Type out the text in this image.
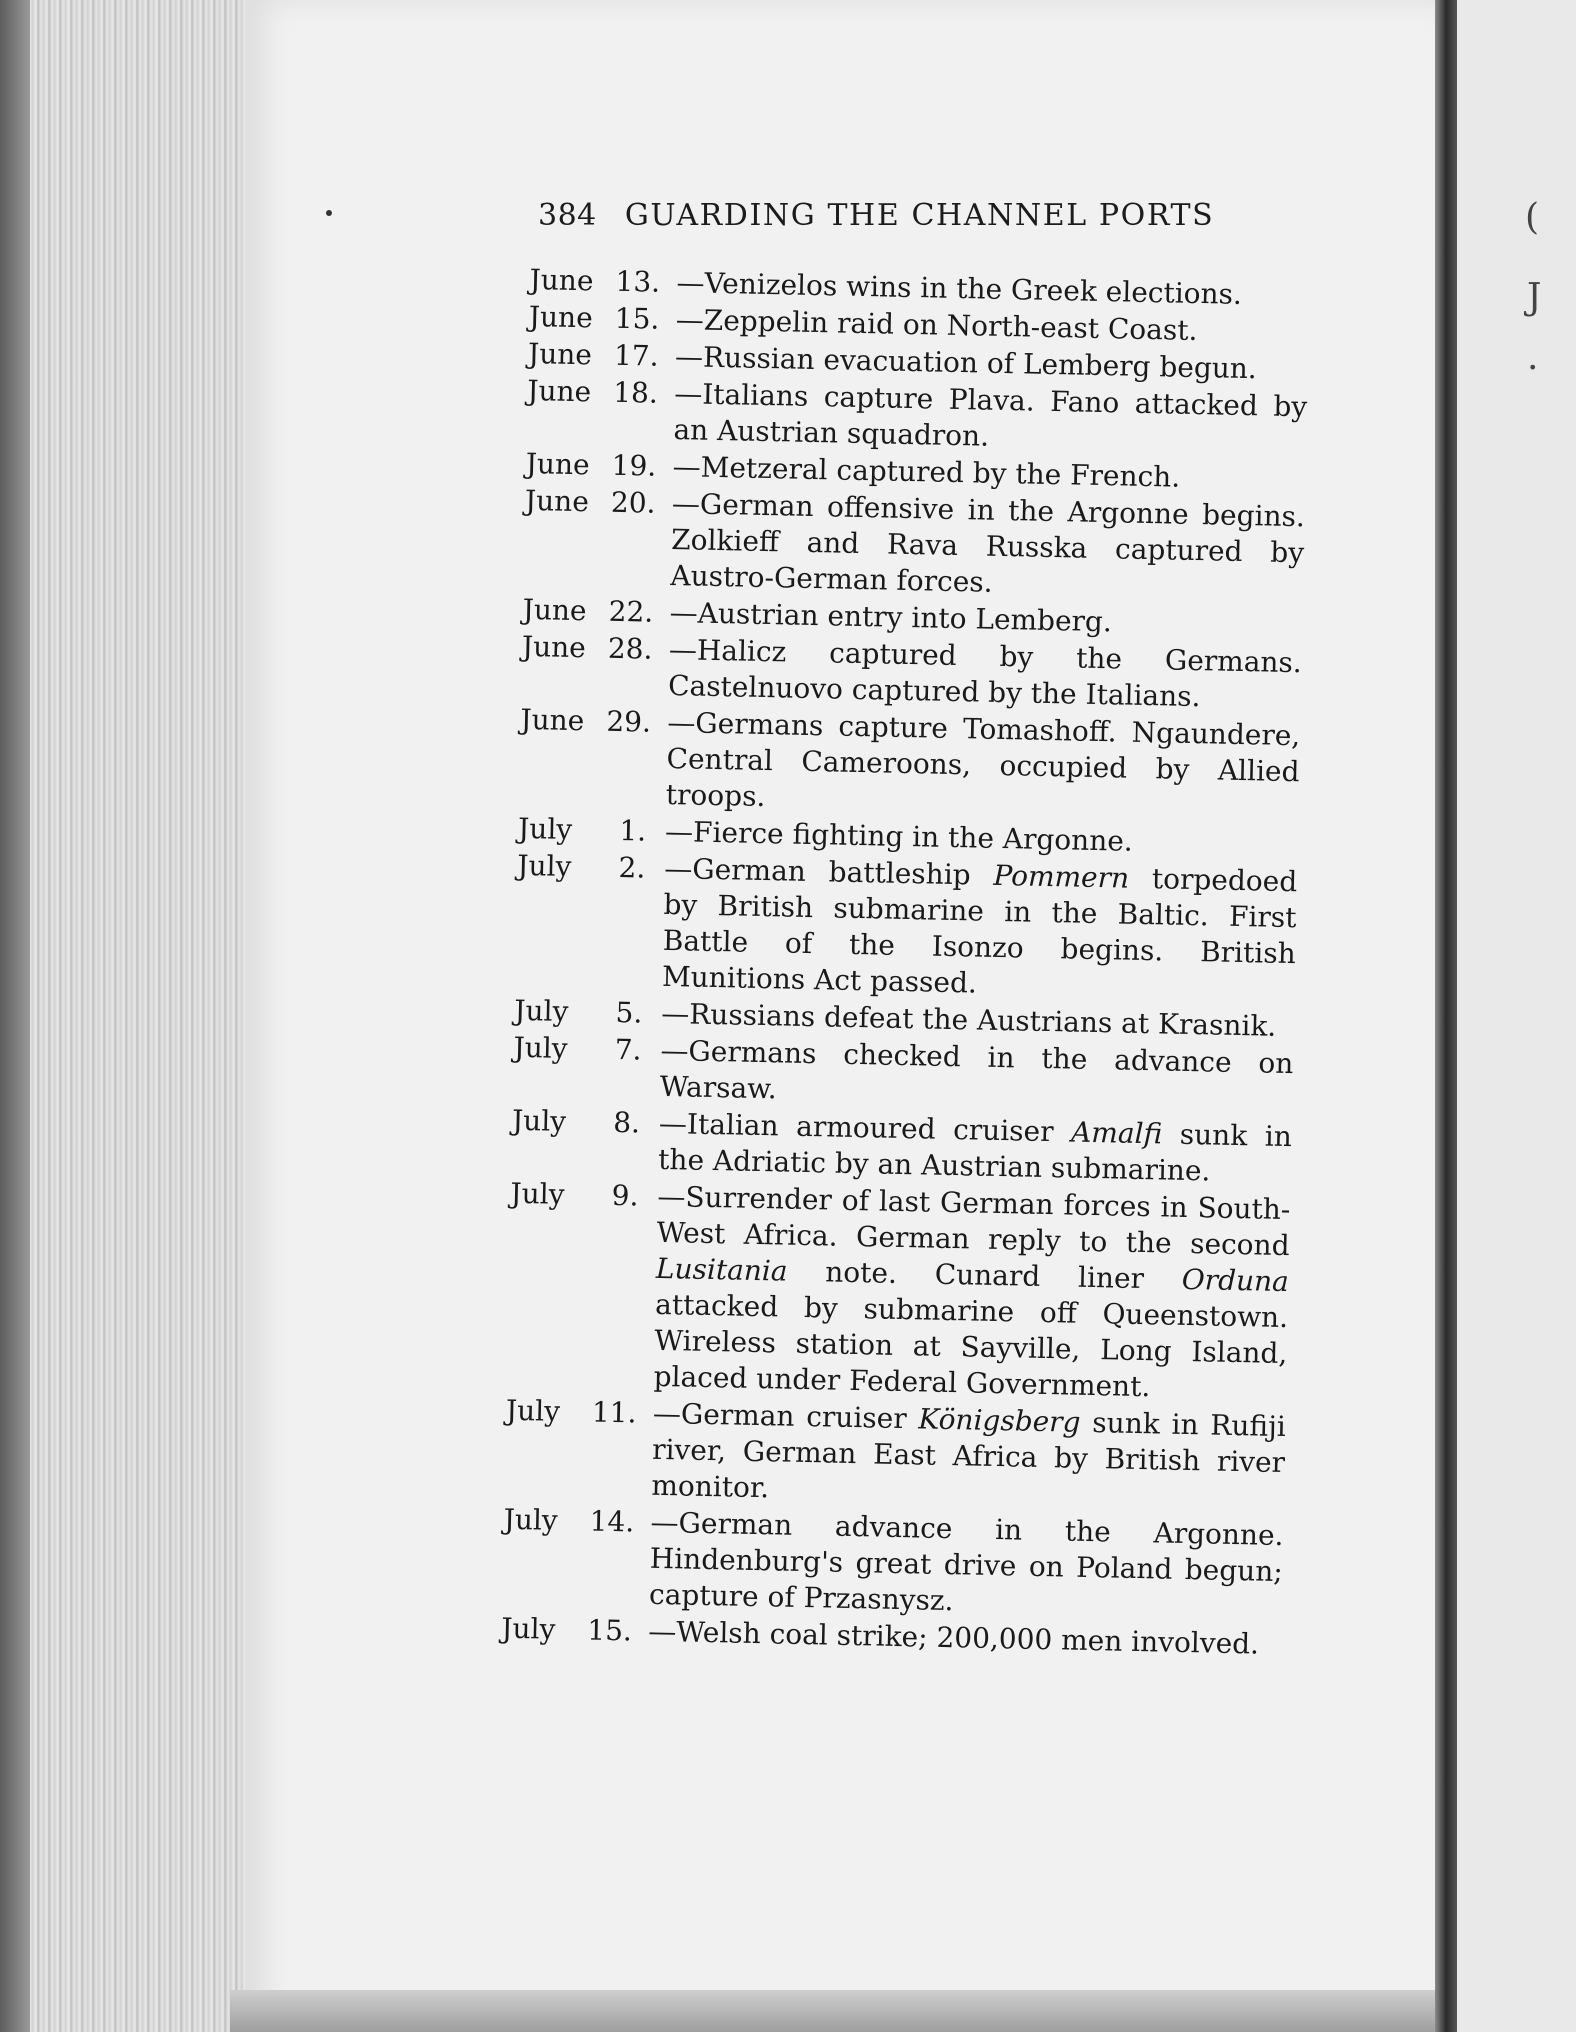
(
J
.
384 GUARDING THE CHANNEL PORTS
June 13. —Venizelos wins in the Greek elections.
June 15. —Zeppelin raid on North-east Coast.
June 17. —Russian evacuation of Lemberg begun.
June 18. —Italians capture Plava. Fano attacked by an Austrian squadron.
June 19. —Metzeral captured by the French.
June 20. —German offensive in the Argonne begins. Zolkieff and Rava Russka captured by Austro-German forces.
June 22. —Austrian entry into Lemberg.
June 28. —Halicz captured by the Germans. Castelnuovo captured by the Italians.
June 29. —Germans capture Tomashoff. Ngaundere, Central Cameroons, occupied by Allied troops.
July 1. —Fierce fighting in the Argonne.
July 2. —German battleship Pommern torpedoed by British submarine in the Baltic. First Battle of the Isonzo begins. British Munitions Act passed.
July 5. —Russians defeat the Austrians at Krasnik.
July 7. —Germans checked in the advance on Warsaw.
July 8. —Italian armoured cruiser Amalfi sunk in the Adriatic by an Austrian submarine.
July 9. —Surrender of last German forces in South-West Africa. German reply to the second Lusitania note. Cunard liner Orduna attacked by submarine off Queenstown. Wireless station at Sayville, Long Island, placed under Federal Government.
July 11. —German cruiser Königsberg sunk in Rufiji river, German East Africa by British river monitor.
July 14. —German advance in the Argonne. Hindenburg's great drive on Poland begun; capture of Przasnysz.
July 15. —Welsh coal strike; 200,000 men involved.
